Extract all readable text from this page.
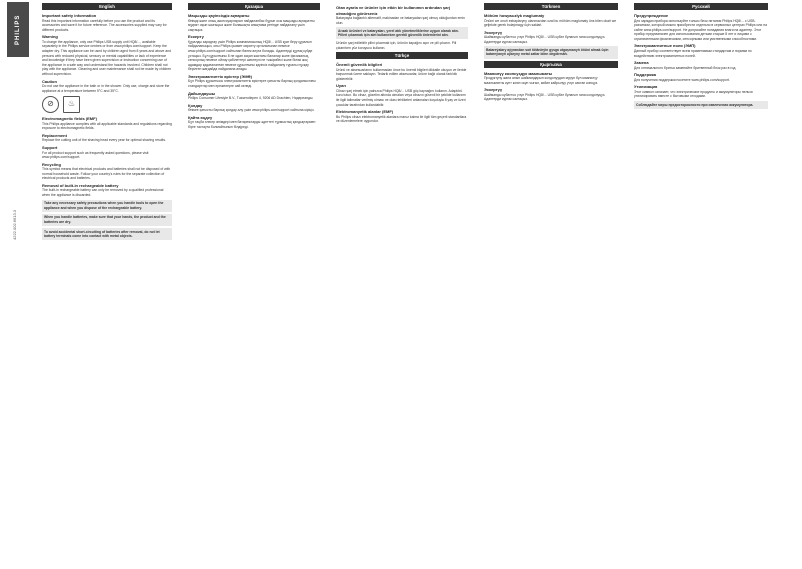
PHILIPS
4222.002.6613.3
English
Important safety information

Read this important information carefully before you use the product and its accessories and save it for future reference. The accessories supplied may vary for different products.

Warning

To charge the appliance, only use Philips USB supply unit HQ8/..., available separately in the Philips service centres or from www.philips.com/support. Keep the adapter dry. This appliance can be used by children aged from 8 years and above and persons with reduced physical, sensory or mental capabilities or lack of experience and knowledge if they have been given supervision or instruction concerning use of the appliance in a safe way and understand the hazards involved. Children shall not play with the appliance. Cleaning and user maintenance shall not be made by children without supervision.

Caution

Do not use the appliance in the bath or in the shower. Only use, charge and store the appliance at a temperature between 5°C and 35°C.

⊘	♨
Electromagnetic fields (EMF)

This Philips appliance complies with all applicable standards and regulations regarding exposure to electromagnetic fields.

Replacement

Replace the cutting unit of the shaving head every year for optimal shaving results.

Support

For all product support such as frequently asked questions, please visit www.philips.com/support.

Recycling

This symbol means that electrical products and batteries shall not be disposed of with normal household waste. Follow your country's rules for the separate collection of electrical products and batteries.

Removal of built-in rechargeable battery

The built-in rechargeable battery can only be removed by a qualified professional when the appliance is discarded.

Take any necessary safety precautions when you handle tools to open the appliance and when you dispose of the rechargeable battery.
When you handle batteries, make sure that your hands, the product and the batteries are dry.
To avoid accidental short-circuiting of batteries after removal, do not let battery terminals come into contact with metal objects.
Қазақша
Маңызды қауіпсіздік ақпараты

Өнімді және оның аксессуарларын пайдаланбас бұрын осы маңызды ақпаратты мұқият оқып шығыңыз және болашақта анықтама ретінде пайдалану үшін сақтаңыз.

Ескерту

Құралды зарядтау үшін Philips компаниясының HQ8/... USB қуат беру құралын пайдаланыңыз, оны Philips қызмет көрсету орталығынан немесе www.philips.com/support сайтынан бөлек алуға болады. Адаптерді құрғақ күйде ұстаңыз. Бұл құрылғыны 8 не одан асқан жастағы балалар және физикалық, сенсорлық немесе ойлау қабілеттері шектеулі не тәжірибесі және білімі жоқ адамдар қадағаланған немесе құрылғыны қауіпсіз пайдалану туралы нұсқау берілген жағдайда пайдалана алады.

Электромагниттік өрістер (ЭМӨ)

Бұл Philips құрылғысы электромагниттік өрістерге қатысты барлық қолданыстағы стандарттар мен ережелерге сай келеді.

Дайындаушы

Philips Consumer Lifestyle B.V., Tussendiepen 4, 9206 AD Drachten, Нидерланды.

Қолдау

Өнімге қатысты барлық қолдау алу үшін www.philips.com/support сайтына кіріңіз.

Қайта өңдеу

Бұл таңба электр өнімдері мен батареяларды әдеттегі тұрмыстық қалдықтармен бірге тастауға болмайтынын білдіреді.

Otan ayarla ve ürünler için etkin bir kullanımın ardından şarj olmadığını görürseniz

Bataryayla bağlantılı alternatif, makinadan ve bataryadan şarj olmuş olduğundan emin olun.

Arızalı ürünleri ve bataryaları, yerel atık yönetmeliklerine uygun olarak atın. Pilleri çıkarmak için alet kullanırken gerekli güvenlik önlemlerini alın.

Ürünün şarj edilebilir pilini çıkarmak için, ürünün kapağını açın ve pili çıkarın. Pili çıkarırken yüz koruyucu kullanın.

Türkçe
Önemli güvenlik bilgileri

Ürünü ve aksesuarlarını kullanmadan önce bu önemli bilgileri dikkatle okuyun ve ileride başvurmak üzere saklayın. Tedarik edilen aksesuarlar, ürüne bağlı olarak farklılık gösterebilir.

Uyarı

Cihazı şarj etmek için yalnızca Philips HQ8/... USB güç kaynağını kullanın. Adaptörü kuru tutun. Bu cihaz, gözetim altında olmaları veya cihazın güvenli bir şekilde kullanımı ile ilgili talimatlar verilmiş olması ve olası tehlikeleri anlamaları koşuluyla 8 yaş ve üzeri çocuklar tarafından kullanılabilir.

Elektromanyetik alanlar (EMF)

Bu Philips cihazı elektromanyetik alanlara maruz kalma ile ilgili tüm geçerli standartlara ve düzenlemelere uygundur.

Türkmen
Möhüm howpsuzlyk maglumaty

Önümi we onuň esbaplaryny ulanmazdan ozal bu möhüm maglumaty üns bilen okaň we geljekde gerek bolaýmagy üçin saklaň.

Эскертүү

Шайманды кубаттоо үчүн Philips HQ8/... USB кубат булагын гана колдонуңуз. Адаптерди кургак сактаңыз.

Batareýalary aýyrandan soň tötänleýin gysga utgaşmanyň öňüni almak üçin batareýanyň ujlaryny metal zatlar bilen degdirmäň.
Қыргызча
Маанилүү коопсуздук маалыматы

Продуктуну жана анын шаймандарын колдонуудан мурун бул маанилүү маалыматты кунт коюп окуп чыгып, кийин кайрылуу үчүн сактап коюңуз.

Эскертүү

Шайманды кубаттоо үчүн Philips HQ8/... USB кубат булагын гана колдонуңуз. Адаптерди кургак сактаңыз.

Русский
Предупреждение

Для зарядки прибора используйте только блок питания Philips HQ8/... с USB-разъемом, который можно приобрести отдельно в сервисных центрах Philips или на сайте www.philips.com/support. Не допускайте попадания влаги на адаптер. Этот прибор предназначен для использования детьми старше 8 лет и лицами с ограниченными физическими, сенсорными или умственными способностями.

Электромагнитные поля (ЭМП)

Данный прибор соответствует всем применимым стандартам и нормам по воздействию электромагнитных полей.

Замена

Для оптимального бритья заменяйте бритвенный блок раз в год.

Поддержка

Для получения поддержки посетите www.philips.com/support.

Утилизация

Этот символ означает, что электрические продукты и аккумуляторы нельзя утилизировать вместе с бытовыми отходами.

Соблюдайте меры предосторожности при извлечении аккумулятора.
